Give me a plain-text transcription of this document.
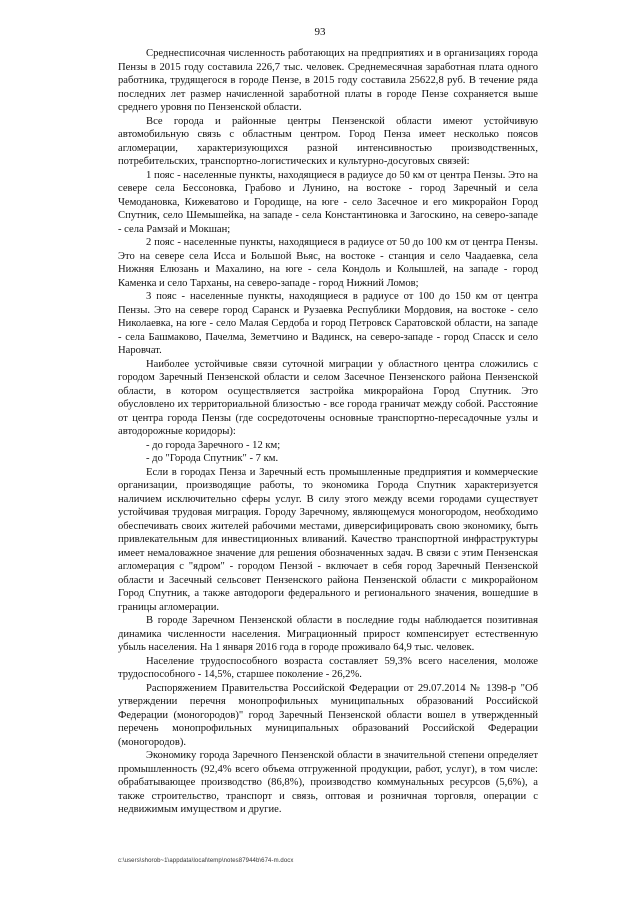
93

Среднесписочная численность работающих на предприятиях и в организациях города Пензы в 2015 году составила 226,7 тыс. человек. Среднемесячная заработная плата одного работника, трудящегося в городе Пензе, в 2015 году составила 25622,8 руб. В течение ряда последних лет размер начисленной заработной платы в городе Пензе сохраняется выше среднего уровня по Пензенской области.

Все города и районные центры Пензенской области имеют устойчивую автомобильную связь с областным центром. Город Пенза имеет несколько поясов агломерации, характеризующихся разной интенсивностью производственных, потребительских, транспортно-логистических и культурно-досуговых связей:

1 пояс - населенные пункты, находящиеся в радиусе до 50 км от центра Пензы. Это на севере села Бессоновка, Грабово и Лунино, на востоке - город Заречный и села Чемодановка, Кижеватово и Городище, на юге - село Засечное и его микрорайон Город Спутник, село Шемышейка, на западе - села Константиновка и Загоскино, на северо-западе - села Рамзай и Мокшан;

2 пояс - населенные пункты, находящиеся в радиусе от 50 до 100 км от центра Пензы. Это на севере села Исса и Большой Вьяс, на востоке - станция и село Чаадаевка, села Нижняя Елюзань и Махалино, на юге - села Кондоль и Колышлей, на западе - город Каменка и село Тарханы, на северо-западе - город Нижний Ломов;

3 пояс - населенные пункты, находящиеся в радиусе от 100 до 150 км от центра Пензы. Это на севере город Саранск и Рузаевка Республики Мордовия, на востоке - село Николаевка, на юге - село Малая Сердоба и город Петровск Саратовской области, на западе - села Башмаково, Пачелма, Земетчино и Вадинск, на северо-западе - город Спасск и село Наровчат.

Наиболее устойчивые связи суточной миграции у областного центра сложились с городом Заречный Пензенской области и селом Засечное Пензенского района Пензенской области, в котором осуществляется застройка микрорайона Город Спутник. Это обусловлено их территориальной близостью - все города граничат между собой. Расстояние от центра города Пензы (где сосредоточены основные транспортно-пересадочные узлы и автодорожные коридоры):

- до города Заречного - 12 км;

- до "Города Спутник" - 7 км.

Если в городах Пенза и Заречный есть промышленные предприятия и коммерческие организации, производящие работы, то экономика Города Спутник характеризуется наличием исключительно сферы услуг. В силу этого между всеми городами существует устойчивая трудовая миграция. Городу Заречному, являющемуся моногородом, необходимо обеспечивать своих жителей рабочими местами, диверсифицировать свою экономику, быть привлекательным для инвестиционных вливаний. Качество транспортной инфраструктуры имеет немаловажное значение для решения обозначенных задач. В связи с этим Пензенская агломерация с "ядром" - городом Пензой - включает в себя город Заречный Пензенской области и Засечный сельсовет Пензенского района Пензенской области с микрорайоном Город Спутник, а также автодороги федерального и регионального значения, вошедшие в границы агломерации.

В городе Заречном Пензенской области в последние годы наблюдается позитивная динамика численности населения. Миграционный прирост компенсирует естественную убыль населения. На 1 января 2016 года в городе проживало 64,9 тыс. человек.

Население трудоспособного возраста составляет 59,3% всего населения, моложе трудоспособного - 14,5%, старшее поколение - 26,2%.

Распоряжением Правительства Российской Федерации от 29.07.2014 № 1398-р "Об утверждении перечня монопрофильных муниципальных образований Российской Федерации (моногородов)" город Заречный Пензенской области вошел в утвержденный перечень монопрофильных муниципальных образований Российской Федерации (моногородов).

Экономику города Заречного Пензенской области в значительной степени определяет промышленность (92,4% всего объема отгруженной продукции, работ, услуг), в том числе: обрабатывающее производство (86,8%), производство коммунальных ресурсов (5,6%), а также строительство, транспорт и связь, оптовая и розничная торговля, операции с недвижимым имуществом и другие.

c:\users\shorob~1\appdata\local\temp\notes87944b\674-m.docx
